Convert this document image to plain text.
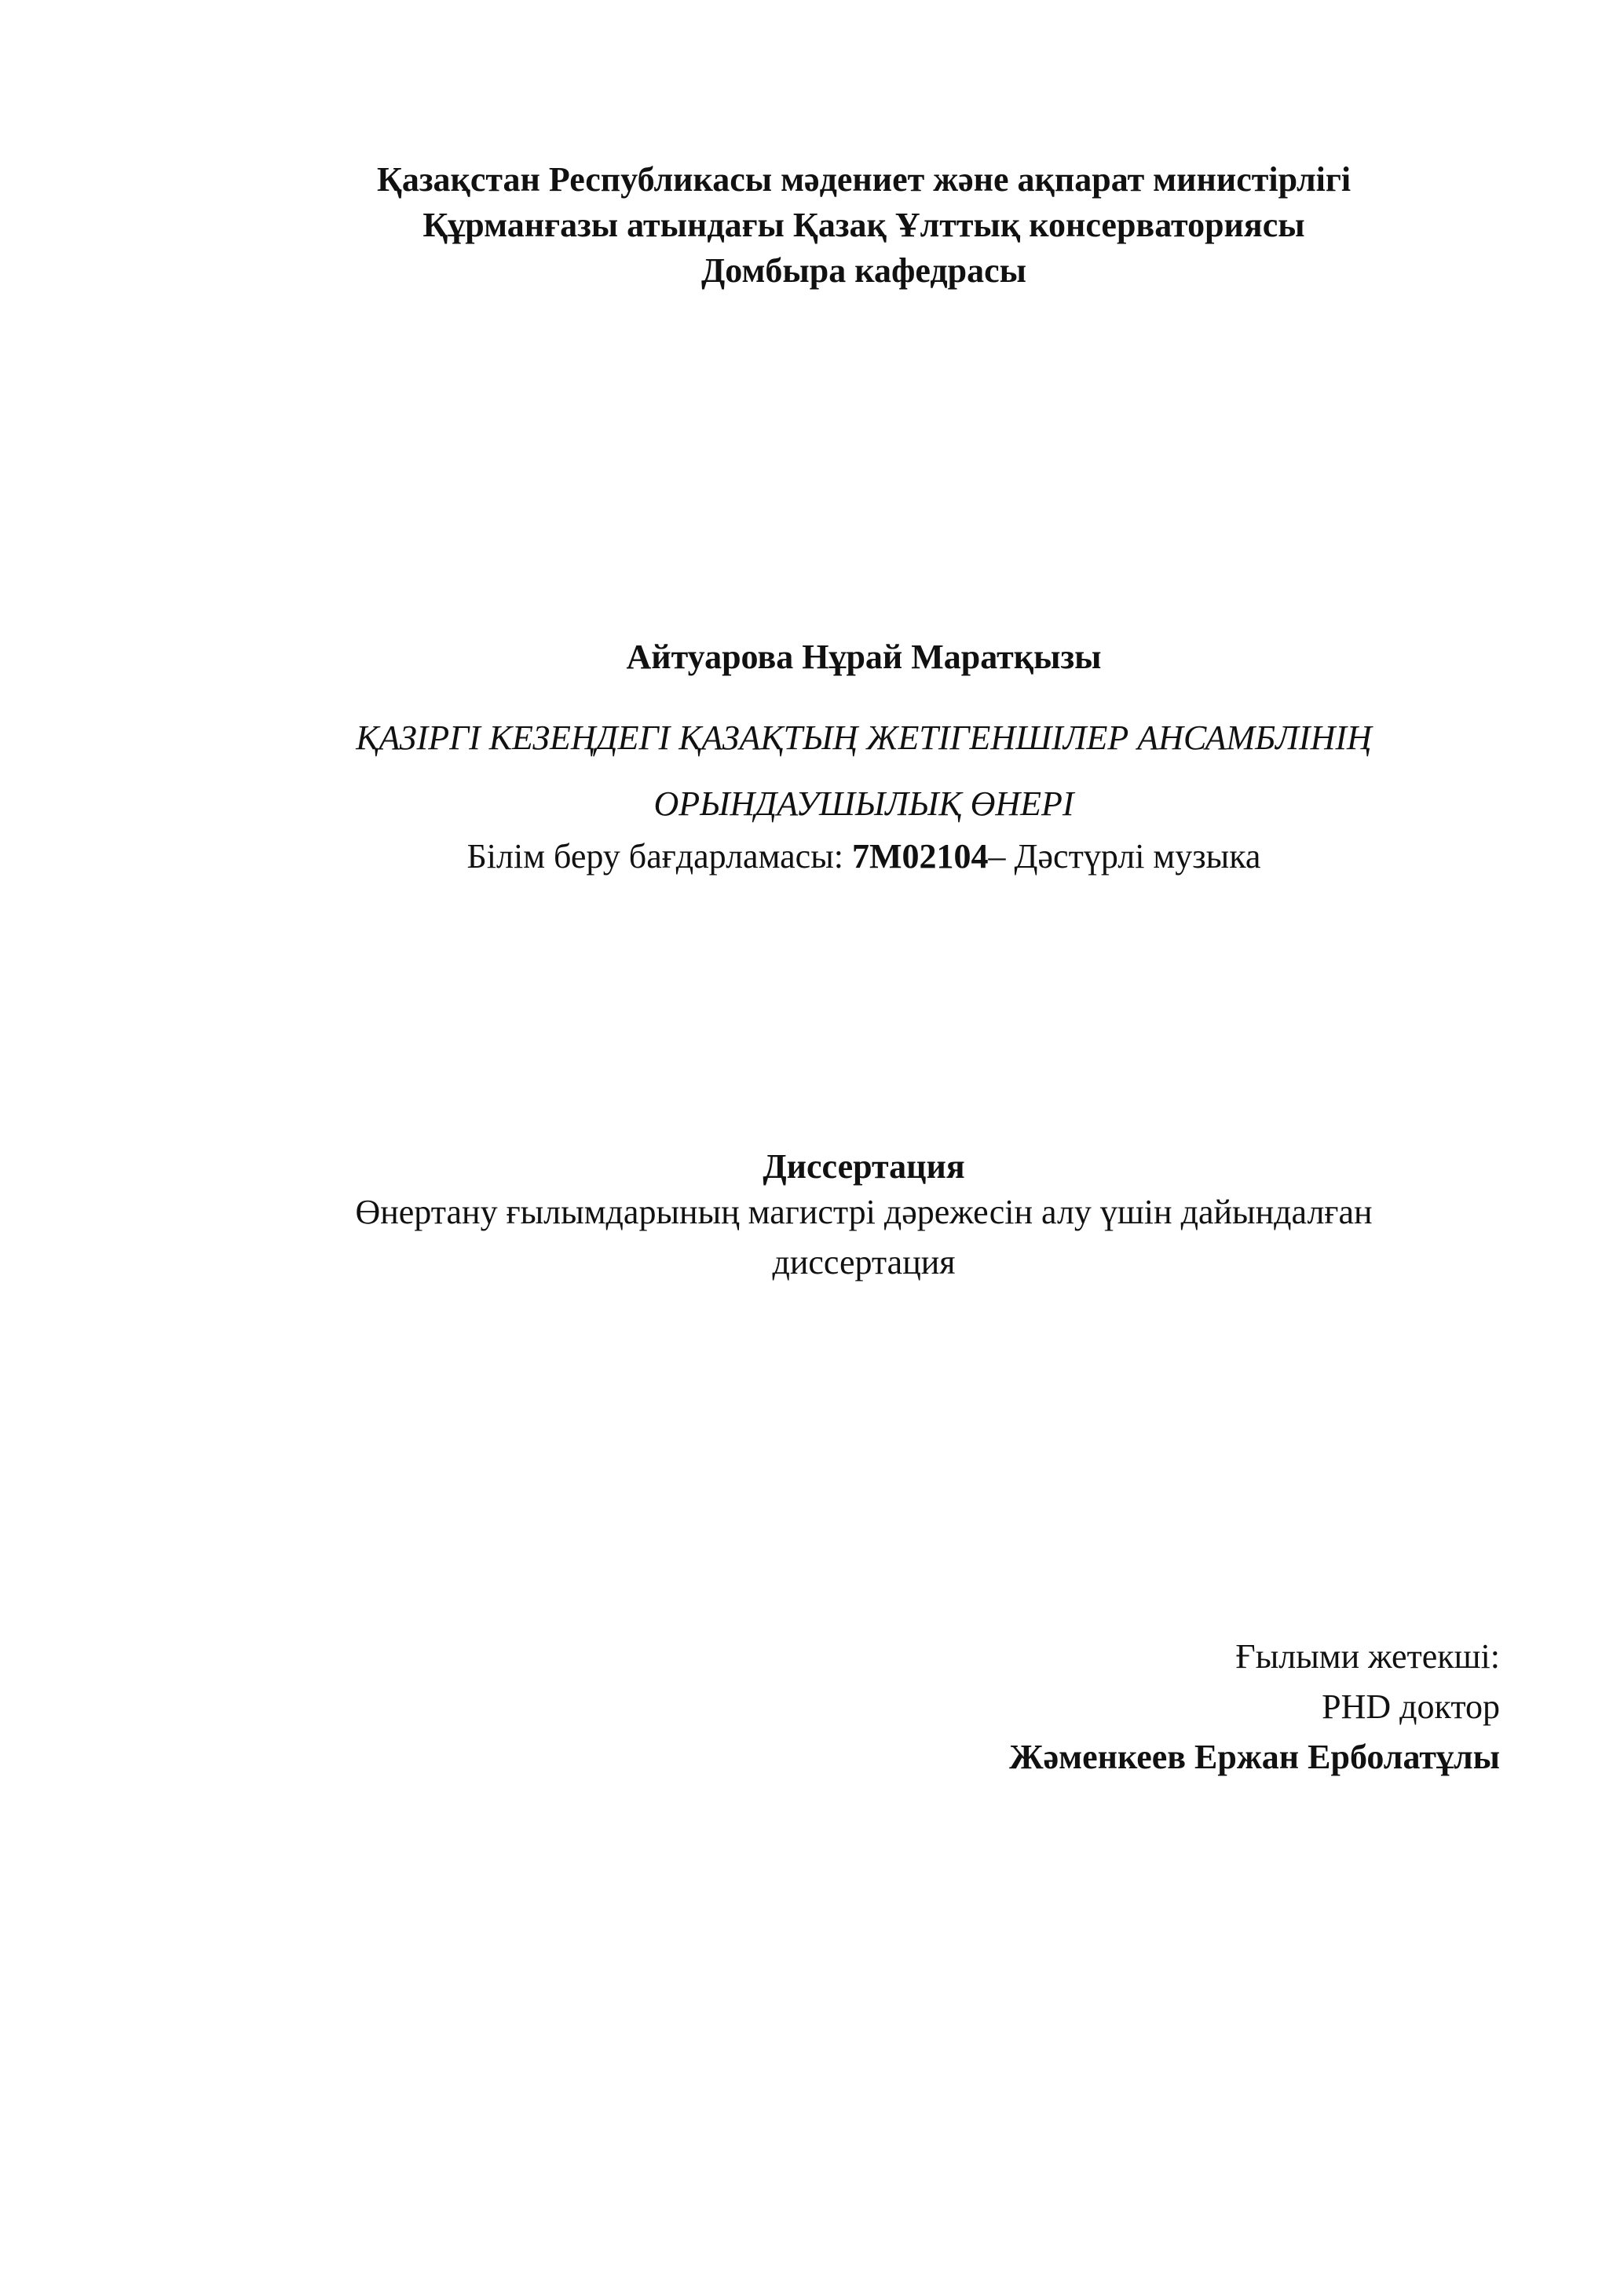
Қазақстан Республикасы мәдениет және ақпарат министірлігі
Құрманғазы атындағы Қазақ Ұлттық консерваториясы
Домбыра кафедрасы
Айтуарова Нұрай Маратқызы
ҚАЗІРГІ КЕЗЕҢДЕГІ ҚАЗАҚТЫҢ ЖЕТІГЕНШІЛЕР АНСАМБЛІНІҢ
ОРЫНДАУШЫЛЫҚ ӨНЕРІ
Білім беру бағдарламасы: 7М02104– Дәстүрлі музыка
Диссертация
Өнертану ғылымдарының магистрі дәрежесін алу үшін дайындалған
диссертация
Ғылыми жетекші:
PHD доктор
Жәменкеев Ержан Ерболатұлы
